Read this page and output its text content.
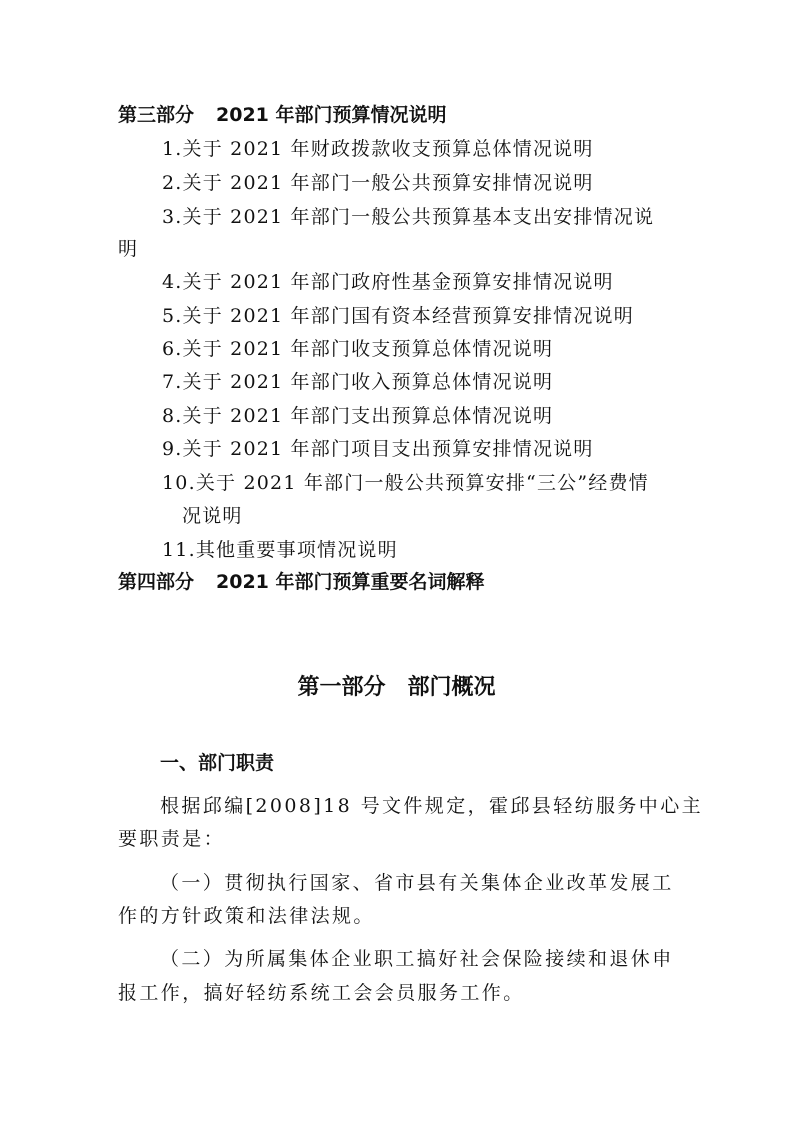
第三部分 2021 年部门预算情况说明
1.关于 2021 年财政拨款收支预算总体情况说明
2.关于 2021 年部门一般公共预算安排情况说明
3.关于 2021 年部门一般公共预算基本支出安排情况说
明
4.关于 2021 年部门政府性基金预算安排情况说明
5.关于 2021 年部门国有资本经营预算安排情况说明
6.关于 2021 年部门收支预算总体情况说明
7.关于 2021 年部门收入预算总体情况说明
8.关于 2021 年部门支出预算总体情况说明
9.关于 2021 年部门项目支出预算安排情况说明
10.关于 2021 年部门一般公共预算安排“三公”经费情
况说明
11.其他重要事项情况说明
第四部分 2021 年部门预算重要名词解释
第一部分 部门概况
一、部门职责
根据邱编[2008]18 号文件规定，霍邱县轻纺服务中心主
要职责是：
（一）贯彻执行国家、省市县有关集体企业改革发展工
作的方针政策和法律法规。
（二）为所属集体企业职工搞好社会保险接续和退休申
报工作，搞好轻纺系统工会会员服务工作。
